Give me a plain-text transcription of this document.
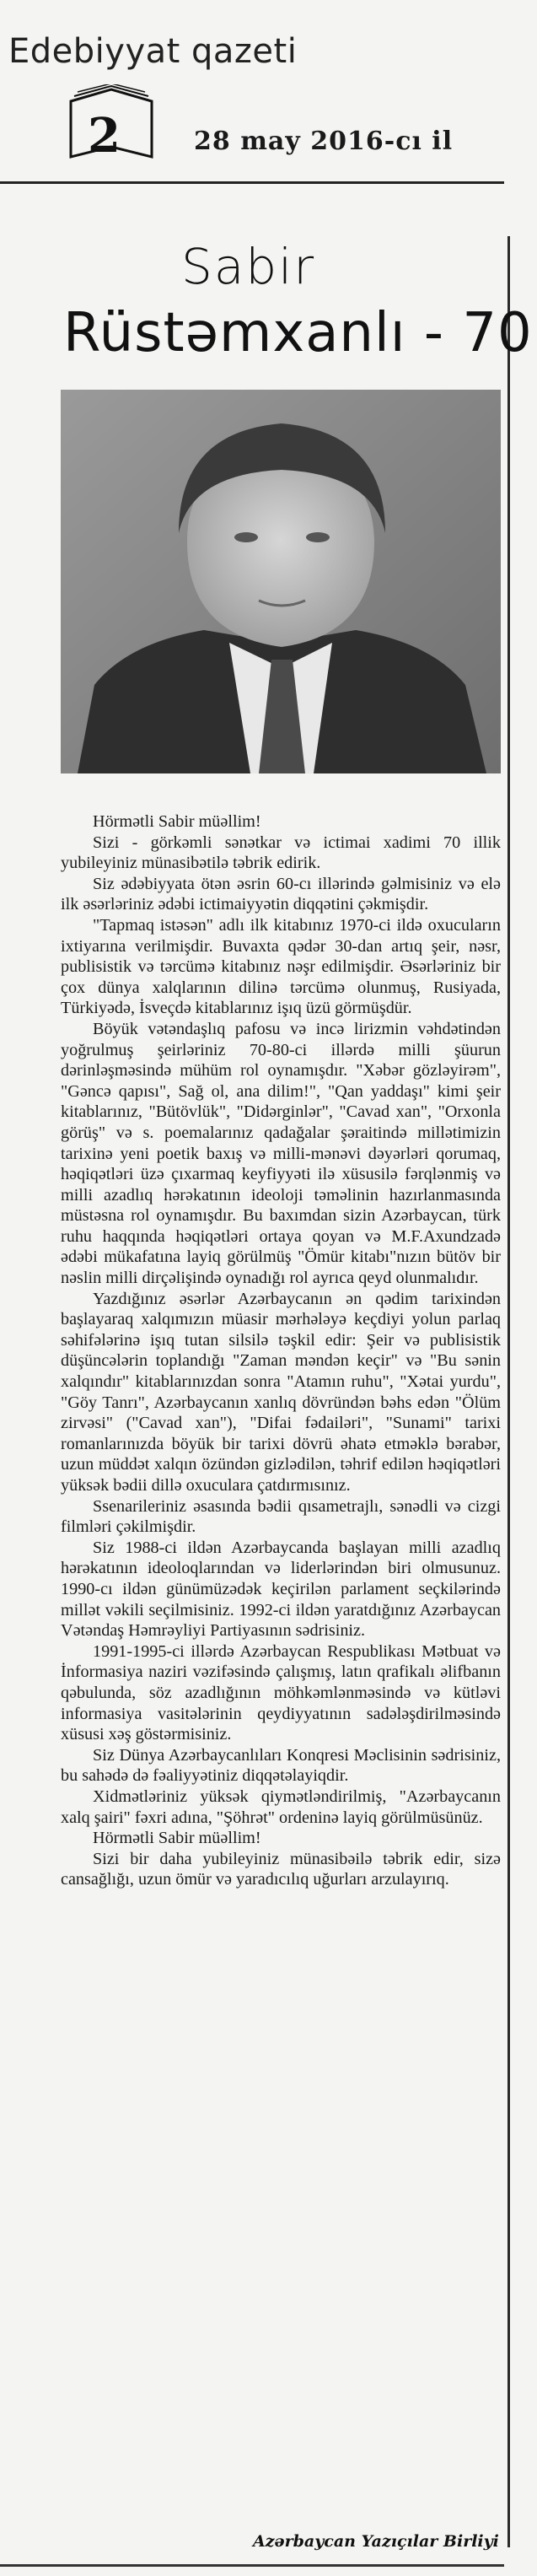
Edebiyyat qazeti
2	28 may 2016-cı il
Sabir
Rüstəmxanlı - 70

Hörmətli Sabir müəllim!

Sizi - görkəmli sənətkar və ictimai xadimi 70 illik yubileyiniz münasibətilə təbrik edirik.

Siz ədəbiyyata ötən əsrin 60-cı illərində gəlmisiniz və elə ilk əsərləriniz ədəbi ictimaiyyətin diqqətini çəkmişdir.

"Tapmaq istəsən" adlı ilk kitabınız 1970-ci ildə oxucuların ixtiyarına verilmişdir. Buvaxta qədər 30-dan artıq şeir, nəsr, publisistik və tərcümə kitabınız nəşr edilmişdir. Əsərləriniz bir çox dünya xalqlarının dilinə tərcümə olunmuş, Rusiyada, Türkiyədə, İsveçdə kitablarınız işıq üzü görmüşdür.

Böyük vətəndaşlıq pafosu və incə lirizmin vəhdətindən yoğrulmuş şeirləriniz 70-80-ci illərdə milli şüurun dərinləşməsində mühüm rol oynamışdır. "Xəbər gözləyirəm", "Gəncə qapısı", Sağ ol, ana dilim!", "Qan yaddaşı" kimi şeir kitablarınız, "Bütövlük", "Didərginlər", "Cavad xan", "Orxonla görüş" və s. poemalarınız qadağalar şəraitində millətimizin tarixinə yeni poetik baxış və milli-mənəvi dəyərləri qorumaq, həqiqətləri üzə çıxarmaq keyfiyyəti ilə xüsusilə fərqlənmiş və milli azadlıq hərəkatının ideoloji təməlinin hazırlanmasında müstəsna rol oynamışdır. Bu baxımdan sizin Azərbaycan, türk ruhu haqqında həqiqətləri ortaya qoyan və M.F.Axundzadə ədəbi mükafatına layiq görülmüş "Ömür kitabı"nızın bütöv bir nəslin milli dirçəlişində oynadığı rol ayrıca qeyd olunmalıdır.

Yazdığınız əsərlər Azərbaycanın ən qədim tarixindən başlayaraq xalqımızın müasir mərhələyə keçdiyi yolun parlaq səhifələrinə işıq tutan silsilə təşkil edir: Şeir və publisistik düşüncələrin toplandığı "Zaman məndən keçir" və "Bu sənin xalqındır" kitablarınızdan sonra "Atamın ruhu", "Xətai yurdu", "Göy Tanrı", Azərbaycanın xanlıq dövründən bəhs edən "Ölüm zirvəsi" ("Cavad xan"), "Difai fədailəri", "Sunami" tarixi romanlarınızda böyük bir tarixi dövrü əhatə etməklə bərabər, uzun müddət xalqın özündən gizlədilən, təhrif edilən həqiqətləri yüksək bədii dillə oxuculara çatdırmısınız.

Ssenarileriniz əsasında bədii qısametrajlı, sənədli və cizgi filmləri çəkilmişdir.

Siz 1988-ci ildən Azərbaycanda başlayan milli azadlıq hərəkatının ideoloqlarından və liderlərindən biri olmusunuz. 1990-cı ildən günümüzədək keçirilən parlament seçkilərində millət vəkili seçilmisiniz. 1992-ci ildən yaratdığınız Azərbaycan Vətəndaş Həmrəyliyi Partiyasının sədrisiniz.

1991-1995-ci illərdə Azərbaycan Respublikası Mətbuat və İnformasiya naziri vəzifəsində çalışmış, latın qrafikalı əlifbanın qəbulunda, söz azadlığının möhkəmlənməsində və kütləvi informasiya vasitələrinin qeydiyyatının sadələşdirilməsində xüsusi xəş göstərmisiniz.

Siz Dünya Azərbaycanlıları Konqresi Məclisinin sədrisiniz, bu sahədə də fəaliyyətiniz diqqətəlayiqdir.

Xidmətləriniz yüksək qiymətləndirilmiş, "Azərbaycanın xalq şairi" fəxri adına, "Şöhrət" ordeninə layiq görülmüsünüz.

Hörmətli Sabir müəllim!

Sizi bir daha yubileyiniz münasibəilə təbrik edir, sizə cansağlığı, uzun ömür və yaradıcılıq uğurları arzulayırıq.

Azərbaycan Yazıçılar Birliyi
